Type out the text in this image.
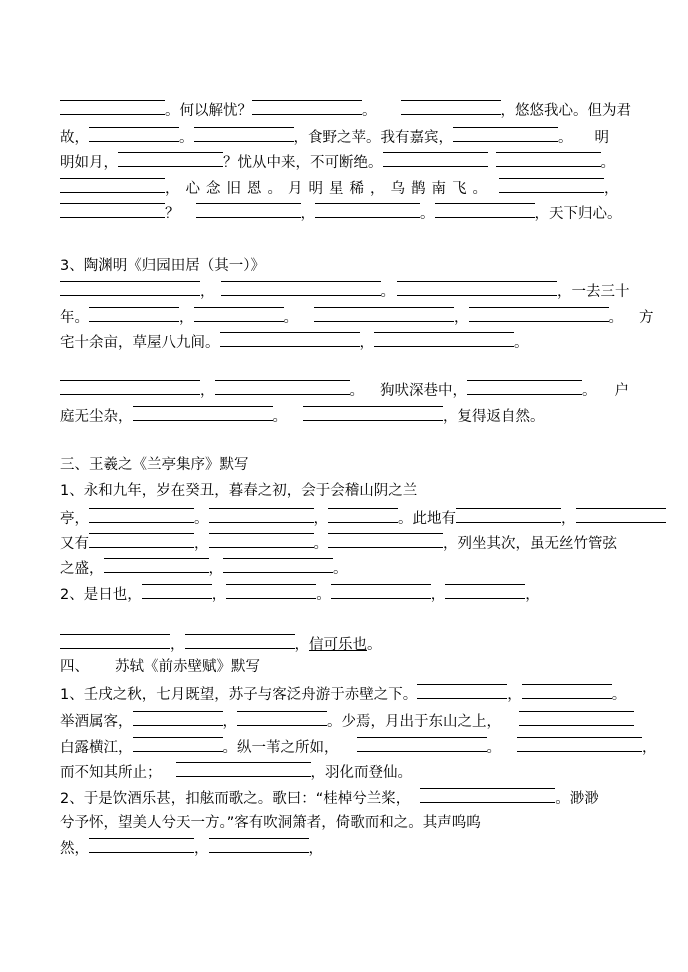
。何以解忧？	。	，悠悠我心。但为君
故，	。	，食野之苹。我有嘉宾，	。 明
明如月，	？忧从中来，不可断绝。	。
，心念旧恩。月明星稀，乌鹊南飞。	，
？	，	。	，天下归心。
3、陶渊明《归园田居（其一）》
，	。	，一去三十
年。	，	。	，	。 方
宅十余亩，草屋八九间。	，	。
，	。 狗吠深巷中，	。 户
庭无尘杂，	。	，复得返自然。
三、王羲之《兰亭集序》默写
1、永和九年，岁在癸丑，暮春之初，会于会稽山阴之兰
亭，	。	，	。此地有	，
又有	，	。	，列坐其次，虽无丝竹管弦
之盛，	，	。
2、是日也，	，	。	，	，
，	，信可乐也。
四、 苏轼《前赤壁赋》默写
1、壬戌之秋，七月既望，苏子与客泛舟游于赤壁之下。	，	。
举酒属客，	，	。少焉，月出于东山之上，
白露横江，	。纵一苇之所如，	。	，
而不知其所止；	，羽化而登仙。
2、于是饮酒乐甚，扣舷而歌之。歌曰：“桂棹兮兰桨，	。渺渺
兮予怀，望美人兮天一方。”客有吹洞箫者，倚歌而和之。其声呜呜
然，	，	，
